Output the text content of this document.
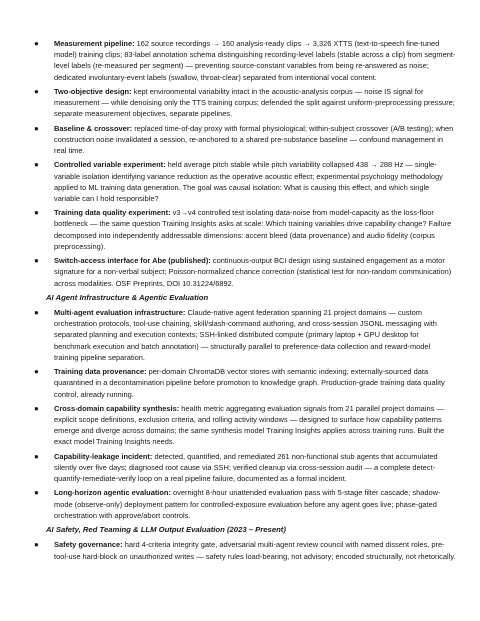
● Measurement pipeline: 162 source recordings → 160 analysis-ready clips → 3,326 XTTS (text-to-speech fine-tuned model) training clips; 83-label annotation schema distinguishing recording-level labels (stable across a clip) from segment-level labels (re-measured per segment) — preventing source-constant variables from being re-answered as noise; dedicated involuntary-event labels (swallow, throat-clear) separated from intentional vocal content.
● Two-objective design: kept environmental variability intact in the acoustic-analysis corpus — noise IS signal for measurement — while denoising only the TTS training corpus; defended the split against uniform-preprocessing pressure; separate measurement objectives, separate pipelines.
● Baseline & crossover: replaced time-of-day proxy with formal physiological; within-subject crossover (A/B testing); when construction noise invalidated a session, re-anchored to a shared pre-substance baseline — confound management in real time.
● Controlled variable experiment: held average pitch stable while pitch variability collapsed 438 → 288 Hz — single-variable isolation identifying variance reduction as the operative acoustic effect; experimental psychology methodology applied to ML training data generation. The goal was causal isolation: What is causing this effect, and which single variable can I hold responsible?
● Training data quality experiment: v3→v4 controlled test isolating data-noise from model-capacity as the loss-floor bottleneck — the same question Training Insights asks at scale: Which training variables drive capability change? Failure decomposed into independently addressable dimensions: accent bleed (data provenance) and audio fidelity (corpus preprocessing).
● Switch-access interface for Abe (published): continuous-output BCI design using sustained engagement as a motor signature for a non-verbal subject; Poisson-normalized chance correction (statistical test for non-random communication) across modalities. OSF Preprints, DOI 10.31224/6892.
AI Agent Infrastructure & Agentic Evaluation
● Multi-agent evaluation infrastructure: Claude-native agent federation spanning 21 project domains — custom orchestration protocols, tool-use chaining, skill/slash-command authoring, and cross-session JSONL messaging with separated planning and execution contexts; SSH-linked distributed compute (primary laptop + GPU desktop for benchmark execution and batch annotation) — structurally parallel to preference-data collection and reward-model training pipeline separation.
● Training data provenance: per-domain ChromaDB vector stores with semantic indexing; externally-sourced data quarantined in a decontamination pipeline before promotion to knowledge graph. Production-grade training data quality control, already running.
● Cross-domain capability synthesis: health metric aggregating evaluation signals from 21 parallel project domains — explicit scope definitions, exclusion criteria, and rolling activity windows — designed to surface how capability patterns emerge and diverge across domains; the same synthesis model Training Insights applies across training runs. Built the exact model Training Insights needs.
● Capability-leakage incident: detected, quantified, and remediated 261 non-functional stub agents that accumulated silently over five days; diagnosed root cause via SSH; verified cleanup via cross-session audit — a complete detect-quantify-remediate-verify loop on a real pipeline failure, documented as a formal incident.
● Long-horizon agentic evaluation: overnight 8-hour unattended evaluation pass with 5-stage filter cascade; shadow-mode (observe-only) deployment pattern for controlled-exposure evaluation before any agent goes live; phase-gated orchestration with approve/abort controls.
AI Safety, Red Teaming & LLM Output Evaluation (2023 – Present)
● Safety governance: hard 4-criteria integrity gate, adversarial multi-agent review council with named dissent roles, pre-tool-use hard-block on unauthorized writes — safety rules load-bearing, not advisory; encoded structurally, not rhetorically.
